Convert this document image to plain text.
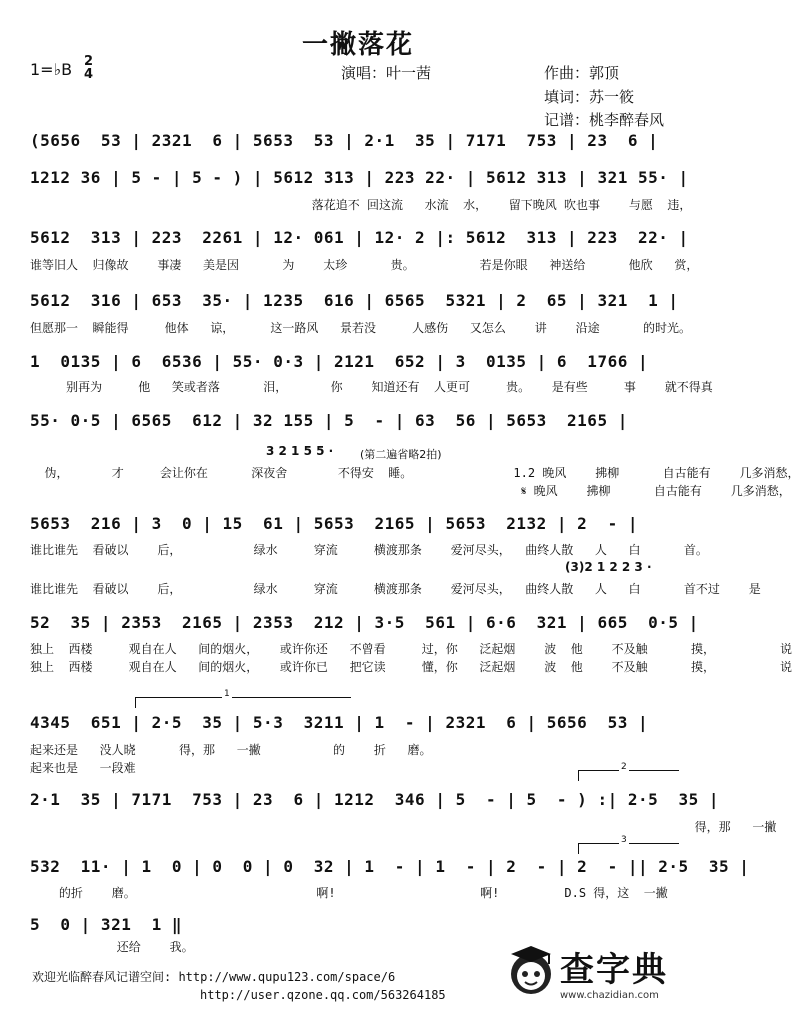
一撇落花
1=♭B 2
4	演唱：叶一茜	作曲：郭顶
填词：苏一筱
记谱：桃李醉春风
(5656  53 | 2321  6 | 5653  53 | 2·1  35 | 7171  753 | 23  6 |
1212 36 | 5 - | 5 - ) | 5612 313 | 223 22· | 5612 313 | 321 55· |
落花追不 回这流   水流  水，   留下晚风 吹也事    与愿  违，
5612  313 | 223  2261 | 12· 061 | 12· 2 |: 5612  313 | 223  22· |
谁等旧人  归像故    事凄   美是因      为    太珍      贵。         若是你眼   神送给      他欣   赏，
5612  316 | 653  35· | 1235  616 | 6565  5321 | 2  65 | 321  1 |
但愿那一  瞬能得     他体   谅，     这一路风   景若没     人感伤   又怎么    讲    沿途      的时光。
1  0135 | 6  6536 | 55· 0·3 | 2121  652 | 3  0135 | 6  1766 |
别再为     他   笑或者落      泪，      你    知道还有  人更可     贵。   是有些     事    就不得真
55· 0·5 | 6565  612 | 32 155 | 5  - | 63  56 | 5653  2165 |
3 2 1 5 5 · (第二遍省略2拍)
伪，      才     会让你在      深夜舍       不得安  睡。              1.2 晚风    拂柳      自古能有    几多消愁，
𝄋 晚风    拂柳      自古能有    几多消愁，
5653  216 | 3  0 | 15  61 | 5653  2165 | 5653  2132 | 2  - |
谁比谁先  看破以    后，          绿水     穿流     横渡那条    爱河尽头，  曲终人散   人   白      首。
(3)2 1 2 2 3 ·
谁比谁先  看破以    后，          绿水     穿流     横渡那条    爱河尽头，  曲终人散   人   白      首不过    是
52  35 | 2353  2165 | 2353  212 | 3·5  561 | 6·6  321 | 665  0·5 |
独上  西楼     观自在人   间的烟火，   或许你还   不曾看     过，你   泛起烟    波  他    不及触      摸，         说
独上  西楼     观自在人   间的烟火，   或许你已   把它读     懂，你   泛起烟    波  他    不及触      摸，         说
1
4345  651 | 2·5  35 | 5·3  3211 | 1  - | 2321  6 | 5656  53 |
起来还是   没人晓      得，那   一撇          的    折   磨。
起来也是   一段难	2
2·1  35 | 7171  753 | 23  6 | 1212  346 | 5  - | 5  - ) :| 2·5  35 |
得，那   一撇
3
532  11· | 1  0 | 0  0 | 0  32 | 1  - | 1  - | 2  - | 2  - || 2·5  35 |
的折    磨。                         啊!                    啊!         D.S 得，这  一撇
5  0 | 321  1 ‖
还给    我。
欢迎光临醉春风记谱空间: http://www.qupu123.com/space/6
http://user.qzone.qq.com/563264185
查字典
www.chazidian.com
